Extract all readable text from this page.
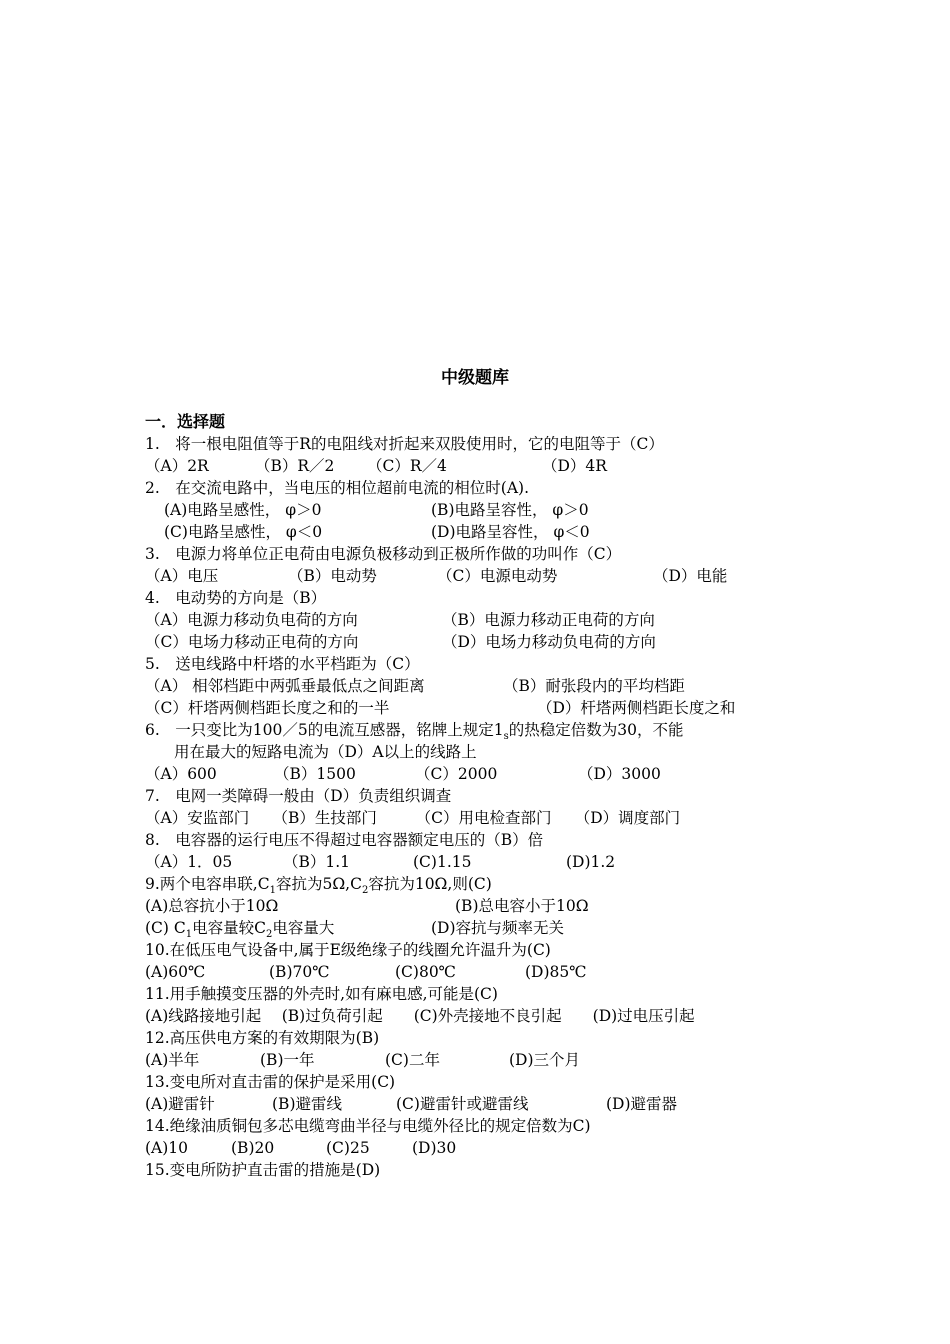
中级题库
一．选择题
1.　将一根电阻值等于R的电阻线对折起来双股使用时，它的电阻等于（C）
（A）2R	（B）R／2 （C）R／4	（D）4R
2.　在交流电路中，当电压的相位超前电流的相位时(A).
(A)电路呈感性， φ＞0	(B)电路呈容性， φ＞0
(C)电路呈感性， φ＜0	(D)电路呈容性， φ＜0
3.　电源力将单位正电荷由电源负极移动到正极所作做的功叫作（C）
（A）电压	（B）电动势	（C）电源电动势	（D）电能
4.　电动势的方向是（B）
（A）电源力移动负电荷的方向	（B）电源力移动正电荷的方向
（C）电场力移动正电荷的方向	（D）电场力移动负电荷的方向
5.　送电线路中杆塔的水平档距为（C）
（A） 相邻档距中两弧垂最低点之间距离	（B）耐张段内的平均档距
（C）杆塔两侧档距长度之和的一半	（D）杆塔两侧档距长度之和
6.　一只变比为100／5的电流互感器，铭牌上规定$1_s$的热稳定倍数为30，不能
用在最大的短路电流为（D）A以上的线路上
（A）600	（B）1500	（C）2000	（D）3000
7.　电网一类障碍一般由（D）负责组织调查
（A）安监部门　　（B）生技部门　　　（C）用电检查部门　　（D）调度部门
8.　电容器的运行电压不得超过电容器额定电压的（B）倍
（A）1．05	（B）1.1	(C)1.15	(D)1.2
9.两个电容串联$,C_1$容抗为$5\Omega,C_2$容抗为10Ω,则(C)
(A)总容抗小于10Ω	(B)总电容小于10Ω
(C) $C_1$电容量较$C_2$电容量大	(D)容抗与频率无关
10.在低压电气设备中,属于E级绝缘子的线圈允许温升为(C)
(A)60℃	(B)70℃	(C)80℃	(D)85℃
11.用手触摸变压器的外壳时,如有麻电感,可能是(C)
(A)线路接地引起　 (B)过负荷引起　　(C)外壳接地不良引起　　(D)过电压引起
12.高压供电方案的有效期限为(B)
(A)半年	(B)一年	(C)二年	(D)三个月
13.变电所对直击雷的保护是采用(C)
(A)避雷针	(B)避雷线	(C)避雷针或避雷线	(D)避雷器
14.绝缘油质铜包多芯电缆弯曲半径与电缆外径比的规定倍数为C)
(A)10	(B)20	(C)25	(D)30
15.变电所防护直击雷的措施是(D)
